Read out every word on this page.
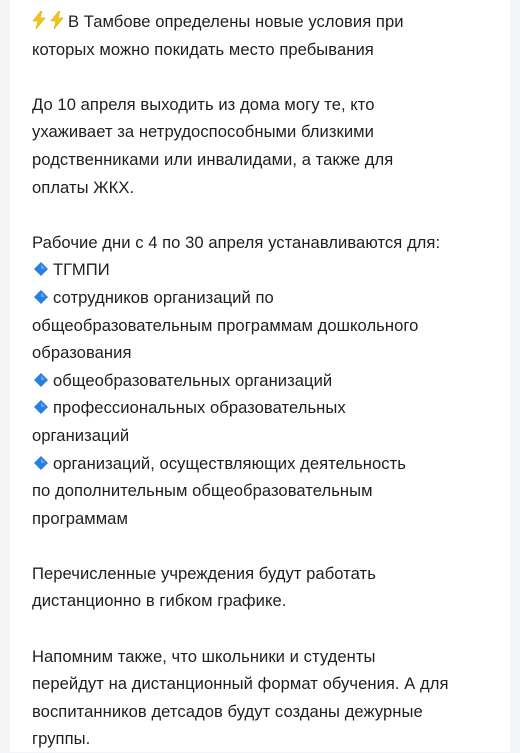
В Тамбове определены новые условия при
которых можно покидать место пребывания
До 10 апреля выходить из дома могу те, кто
ухаживает за нетрудоспособными близкими
родственниками или инвалидами, а также для
оплаты ЖКХ.
Рабочие дни с 4 по 30 апреля устанавливаются для:
ТГМПИ
сотрудников организаций по
общеобразовательным программам дошкольного
образования
общеобразовательных организаций
профессиональных образовательных
организаций
организаций, осуществляющих деятельность
по дополнительным общеобразовательным
программам
Перечисленные учреждения будут работать
дистанционно в гибком графике.
Напомним также, что школьники и студенты
перейдут на дистанционный формат обучения. А для
воспитанников детсадов будут созданы дежурные
группы.
